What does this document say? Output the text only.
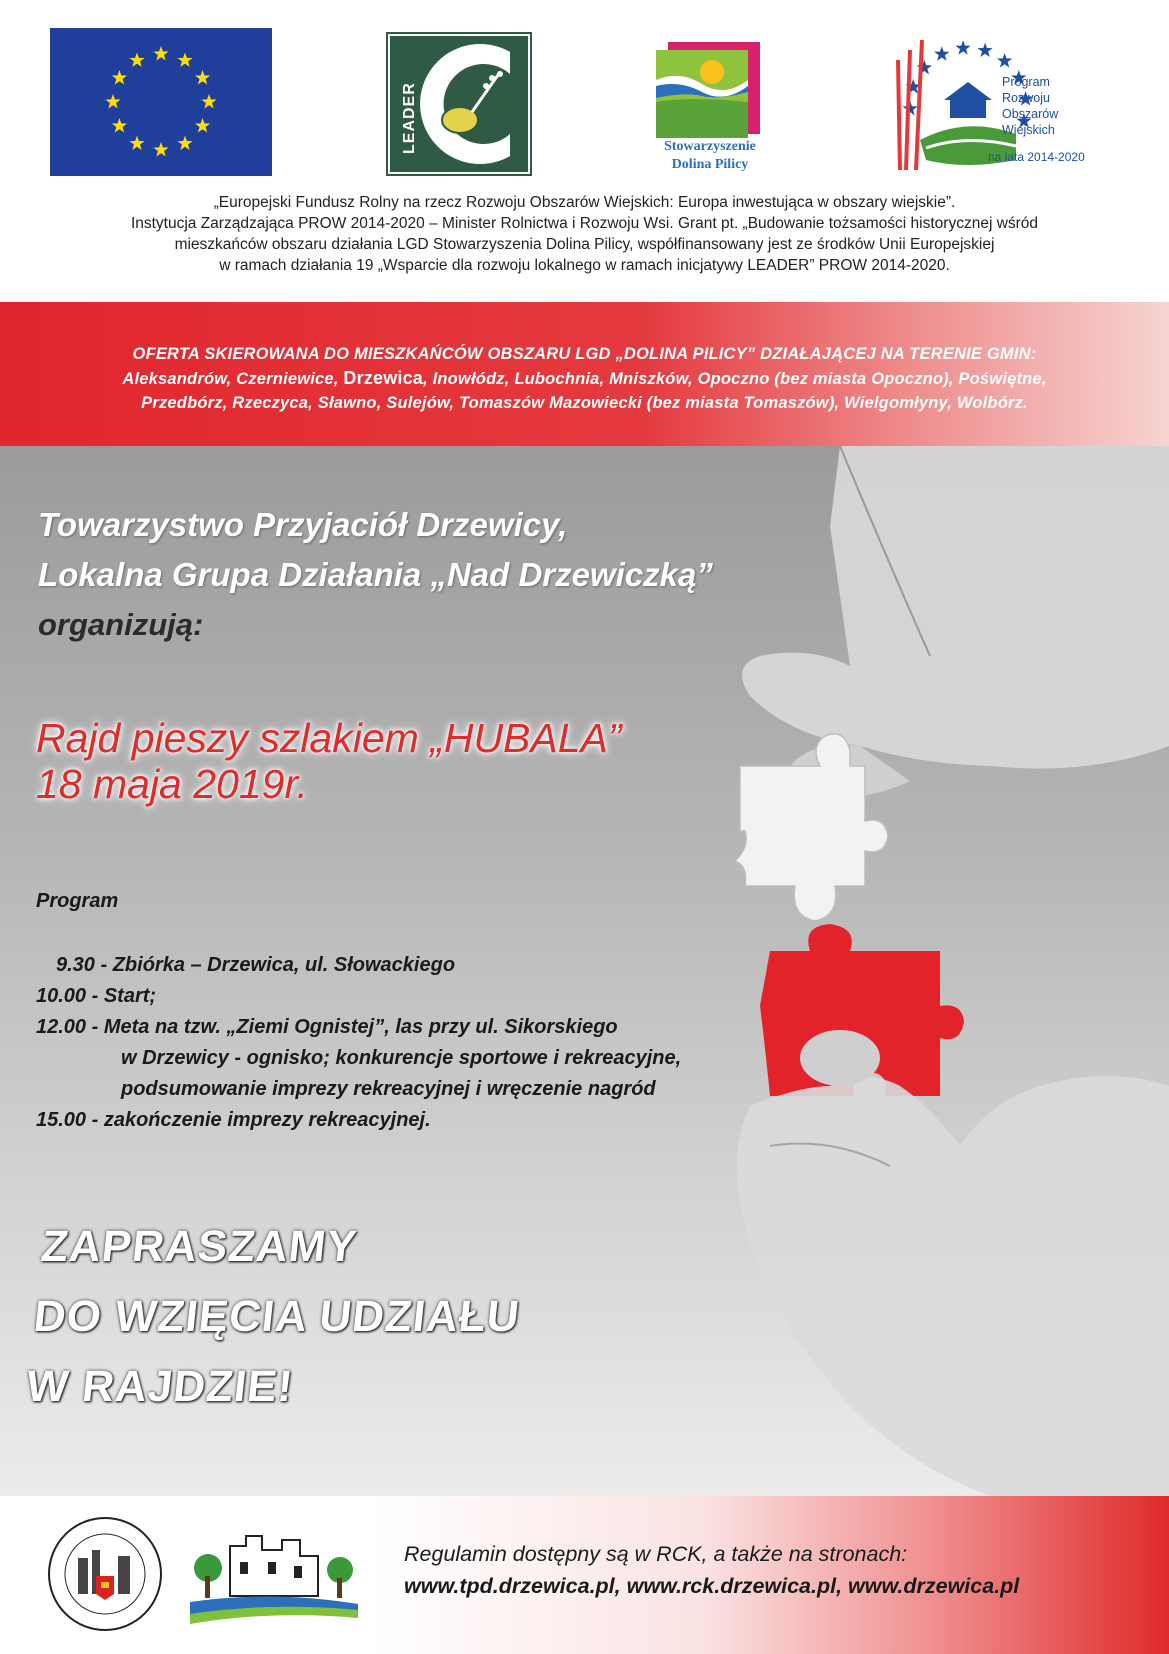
LEADER	Stowarzyszenie
Dolina Pilicy
Program
Rozwoju
Obszarów
Wiejskich
na lata 2014-2020
„Europejski Fundusz Rolny na rzecz Rozwoju Obszarów Wiejskich: Europa inwestująca w obszary wiejskie”.
Instytucja Zarządzająca PROW 2014-2020 – Minister Rolnictwa i Rozwoju Wsi. Grant pt. „Budowanie tożsamości historycznej wśród
mieszkańców obszaru działania LGD Stowarzyszenia Dolina Pilicy, współfinansowany jest ze środków Unii Europejskiej
w ramach działania 19 „Wsparcie dla rozwoju lokalnego w ramach inicjatywy LEADER” PROW 2014-2020.
OFERTA SKIEROWANA DO MIESZKAŃCÓW OBSZARU LGD „DOLINA PILICY” DZIAŁAJĄCEJ NA TERENIE GMIN:
Aleksandrów, Czerniewice, Drzewica, Inowłódz, Lubochnia, Mniszków, Opoczno (bez miasta Opoczno), Poświętne,
Przedbórz, Rzeczyca, Sławno, Sulejów, Tomaszów Mazowiecki (bez miasta Tomaszów), Wielgomłyny, Wolbórz.
Towarzystwo Przyjaciół Drzewicy,
Lokalna Grupa Działania „Nad Drzewiczką”
organizują:
Rajd pieszy szlakiem „HUBALA”
18 maja 2019r.
Program
9.30 - Zbiórka – Drzewica, ul. Słowackiego
10.00 - Start;
12.00 - Meta na tzw. „Ziemi Ognistej”, las przy ul. Sikorskiego
w Drzewicy - ognisko; konkurencje sportowe i rekreacyjne,
podsumowanie imprezy rekreacyjnej i wręczenie nagród
15.00 - zakończenie imprezy rekreacyjnej.
ZAPRASZAMY
DO WZIĘCIA UDZIAŁU
W RAJDZIE!
Regulamin dostępny są w RCK, a także na stronach:
www.tpd.drzewica.pl, www.rck.drzewica.pl, www.drzewica.pl
